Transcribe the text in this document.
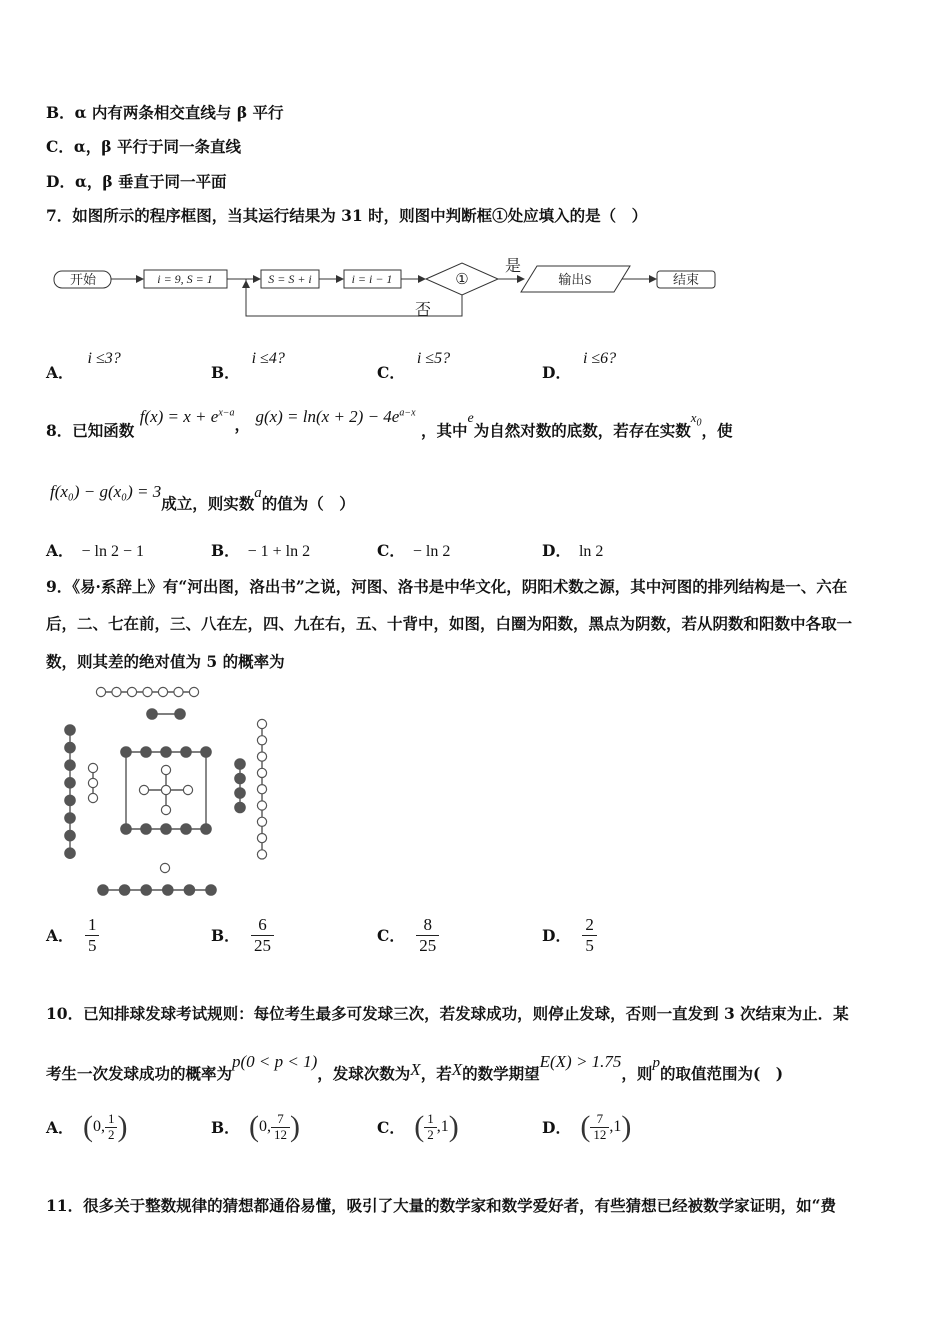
B．α 内有两条相交直线与 β 平行
C．α，β 平行于同一条直线
D．α，β 垂直于同一平面
7．如图所示的程序框图，当其运行结果为 31 时，则图中判断框①处应填入的是（　）
开始	i = 9, S = 1	S = S + i	i = i − 1	①
是
否
输出S	结束
A．i ≤3?
B．i ≤4?
C．i ≤5?
D．i ≤6?
8．已知函数 $f(x) = x + e^{x-a}$， $g(x) = \ln(x + 2) - 4e^{a-x}$ ，其中e为自然对数的底数，若存在实数$x_0$，使
f(x₀) − g(x₀) = 3成立，则实数a的值为（　）
A． − ln 2 − 1	B． − 1 + ln 2	C． − ln 2	D． ln 2
9．《易·系辞上》有“河出图，洛出书”之说，河图、洛书是中华文化，阴阳术数之源，其中河图的排列结构是一、六在
后，二、七在前，三、八在左，四、九在右，五、十背中，如图，白圈为阳数，黑点为阴数，若从阴数和阳数中各取一
数，则其差的绝对值为 5 的概率为
A． $\frac{1}{5}$	B． $\frac{6}{25}$	C． $\frac{8}{25}$	D． $\frac{2}{5}$
10．已知排球发球考试规则：每位考生最多可发球三次，若发球成功，则停止发球，否则一直发到 3 次结束为止．某
考生一次发球成功的概率为p(0 < p < 1)，发球次数为X，若X的数学期望E(X) > 1.75，则p的取值范围为(　)
A． (0, $\frac{1}{2}$ )	B． (0, $\frac{7}{12}$ )	C． ( $\frac{1}{2} ,1$)	D． ( $\frac{7}{12} ,1$)
11．很多关于整数规律的猜想都通俗易懂，吸引了大量的数学家和数学爱好者，有些猜想已经被数学家证明，如“费
